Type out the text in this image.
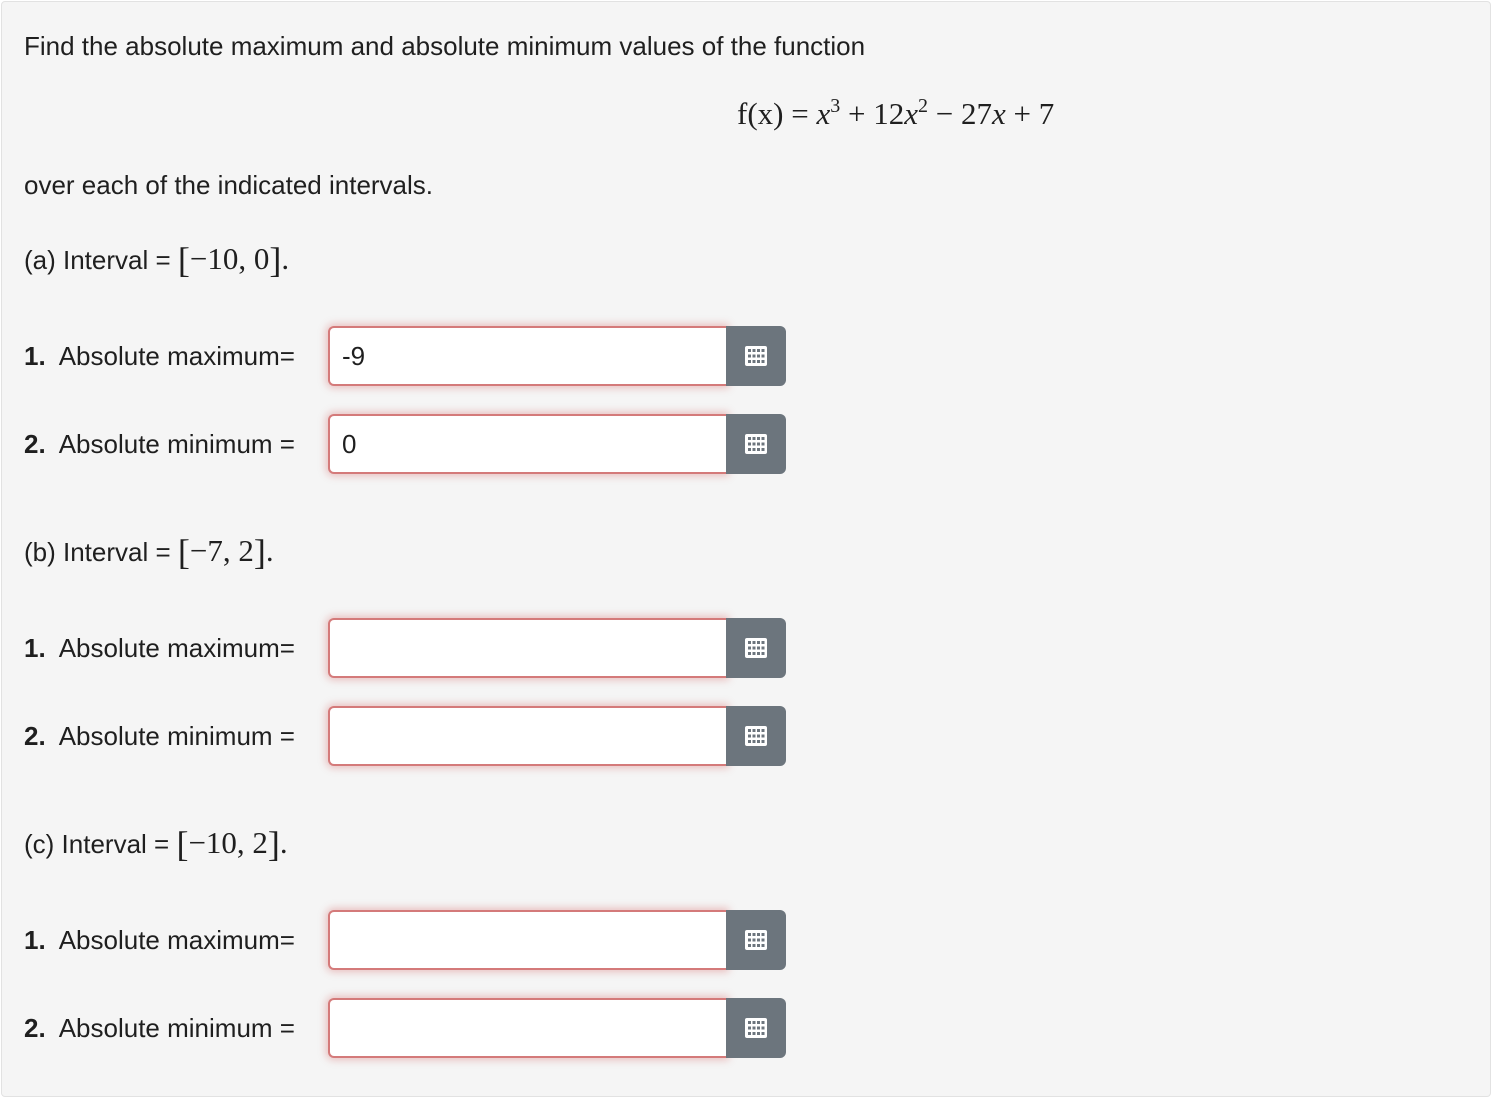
Find the absolute maximum and absolute minimum values of the function
$f(x) = x^3 + 12x^2 - 27x + 7$
over each of the indicated intervals.
(a) Interval = [−10, 0].
1. Absolute maximum=	-9
2. Absolute minimum =	0
(b) Interval = [−7, 2].
1. Absolute maximum=
2. Absolute minimum =
(c) Interval = [−10, 2].
1. Absolute maximum=
2. Absolute minimum =
